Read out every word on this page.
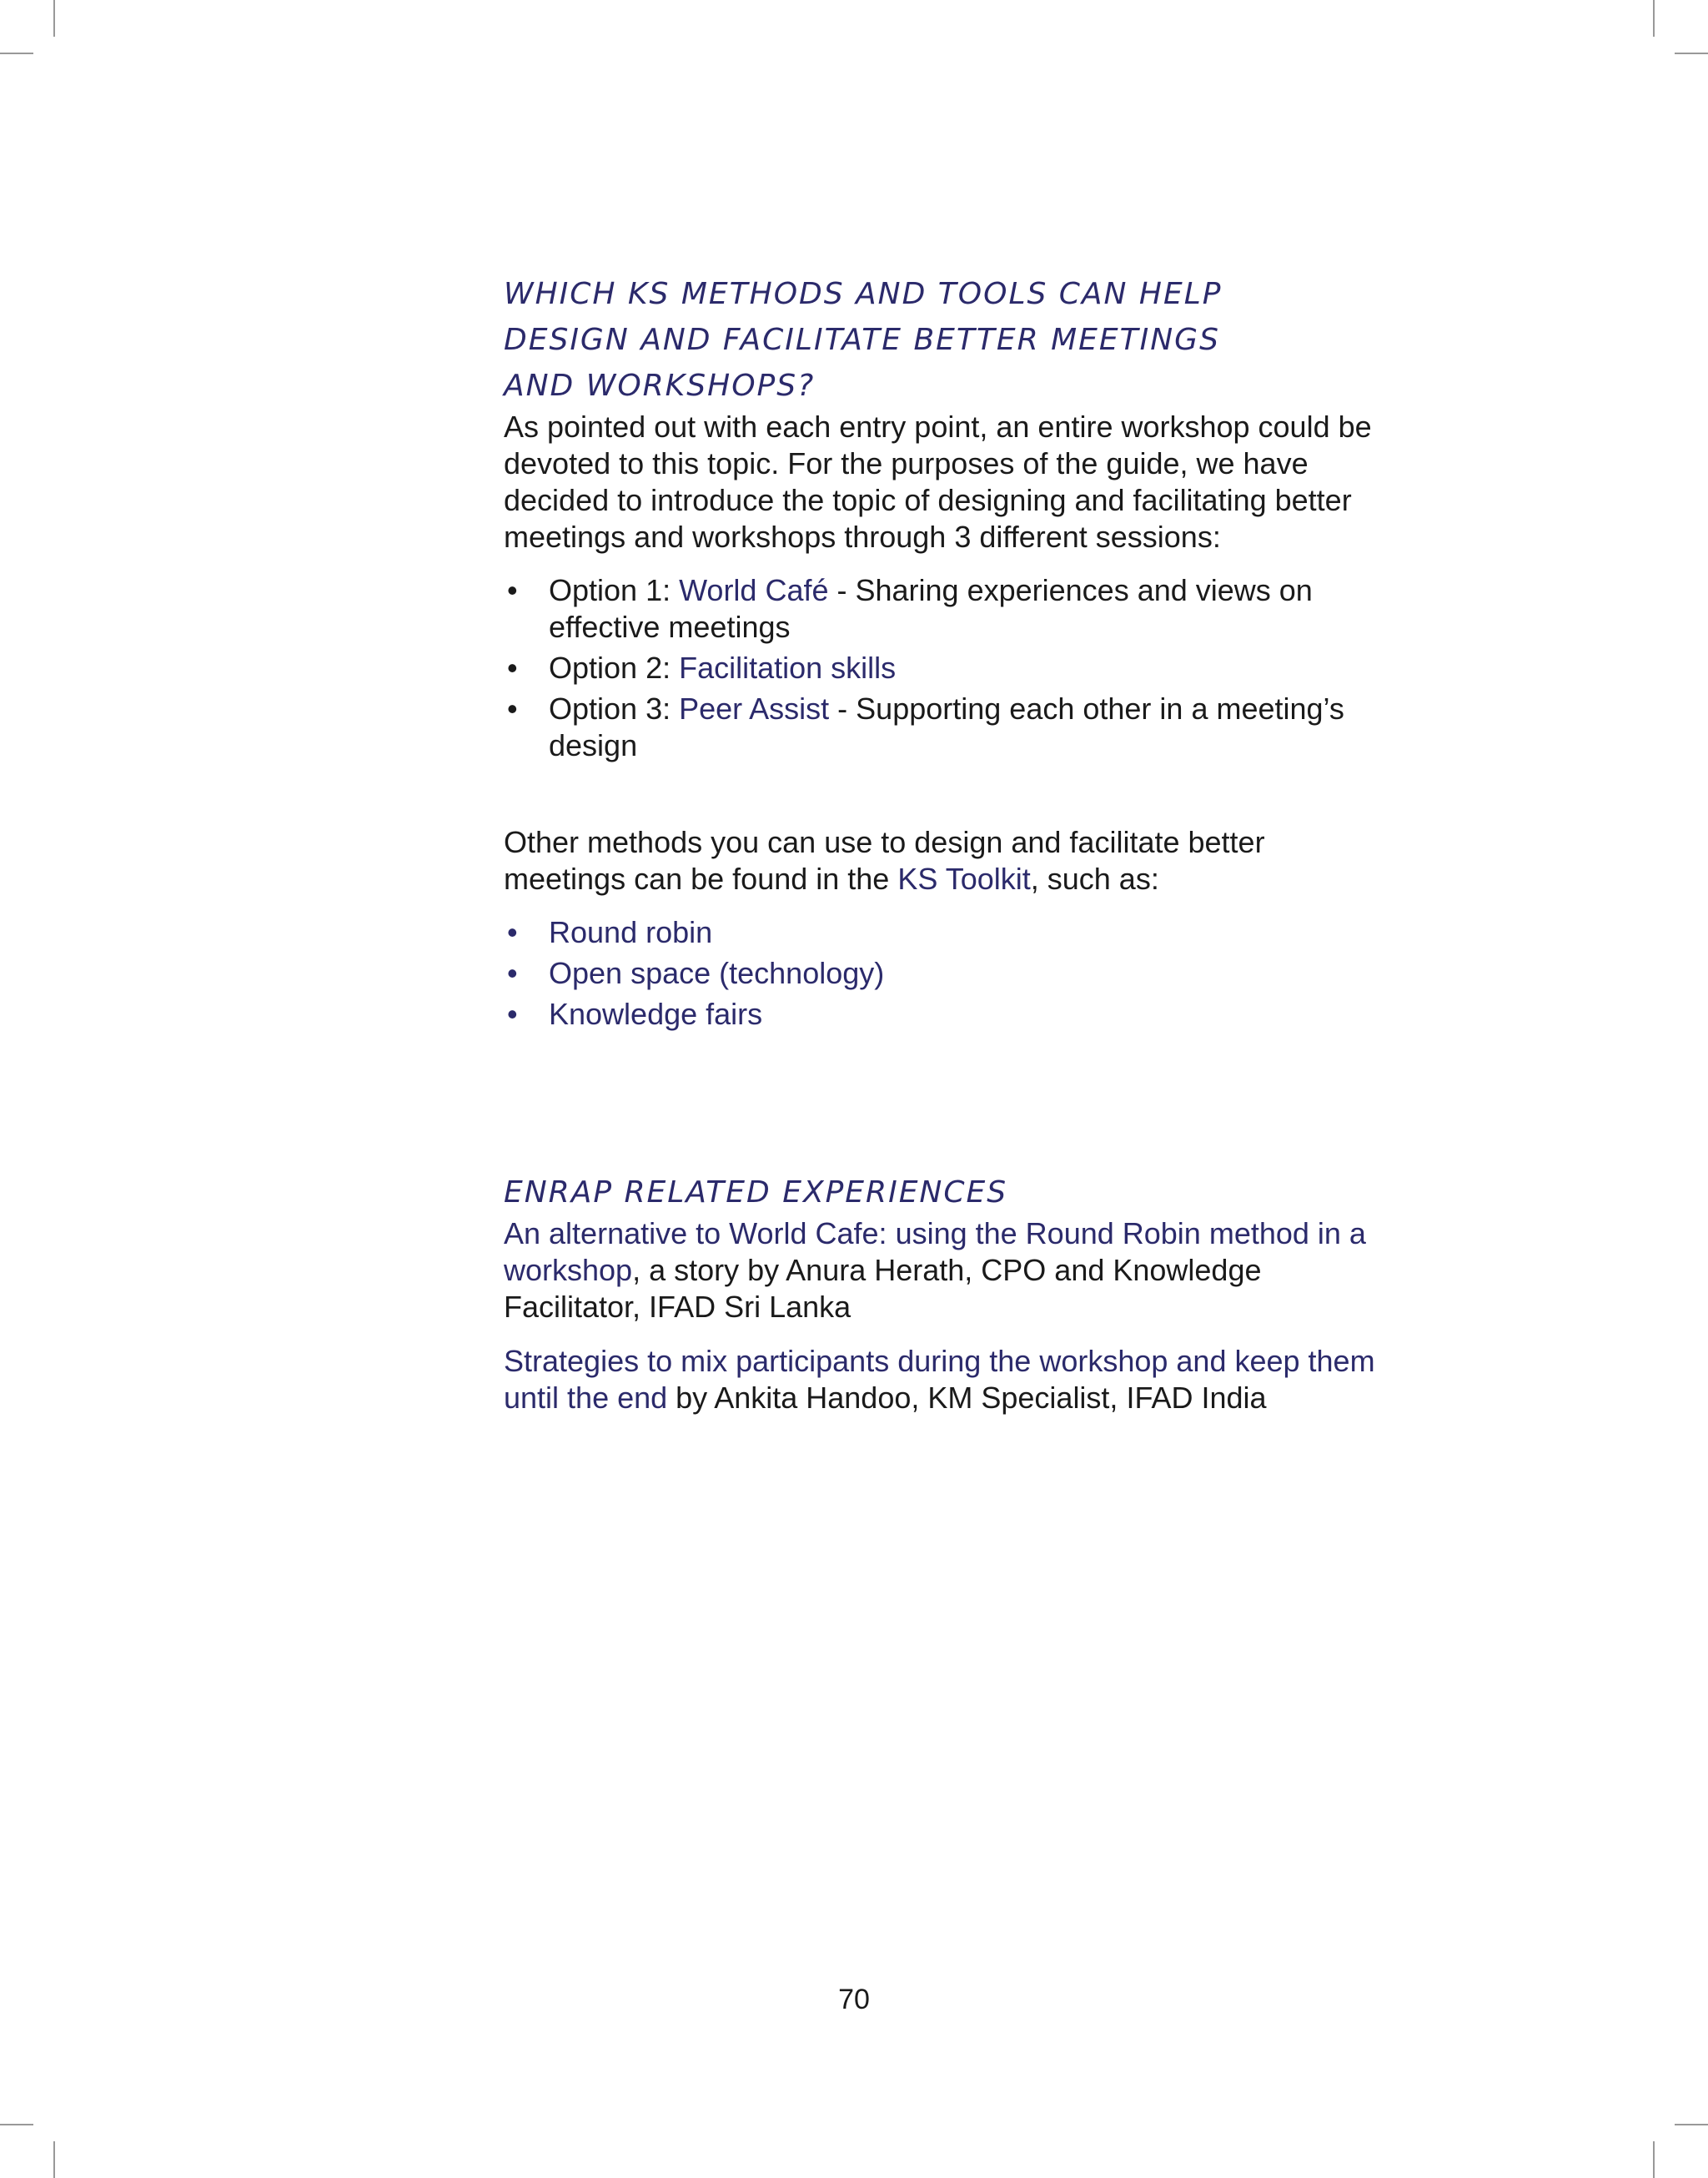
WHICH KS METHODS AND TOOLS CAN HELP
DESIGN AND FACILITATE BETTER MEETINGS
AND WORKSHOPS?

As pointed out with each entry point, an entire workshop could be devoted to this topic. For the purposes of the guide, we have decided to introduce the topic of designing and facilitating better meetings and workshops through 3 different sessions:

• Option 1: World Café - Sharing experiences and views on effective meetings
• Option 2: Facilitation skills
• Option 3: Peer Assist - Supporting each other in a meeting’s design

Other methods you can use to design and facilitate better meetings can be found in the KS Toolkit, such as:

• Round robin
• Open space (technology)
• Knowledge fairs
ENRAP RELATED EXPERIENCES

An alternative to World Cafe: using the Round Robin method in a workshop, a story by Anura Herath, CPO and Knowledge Facilitator, IFAD Sri Lanka

Strategies to mix participants during the workshop and keep them until the end by Ankita Handoo, KM Specialist, IFAD India

70
